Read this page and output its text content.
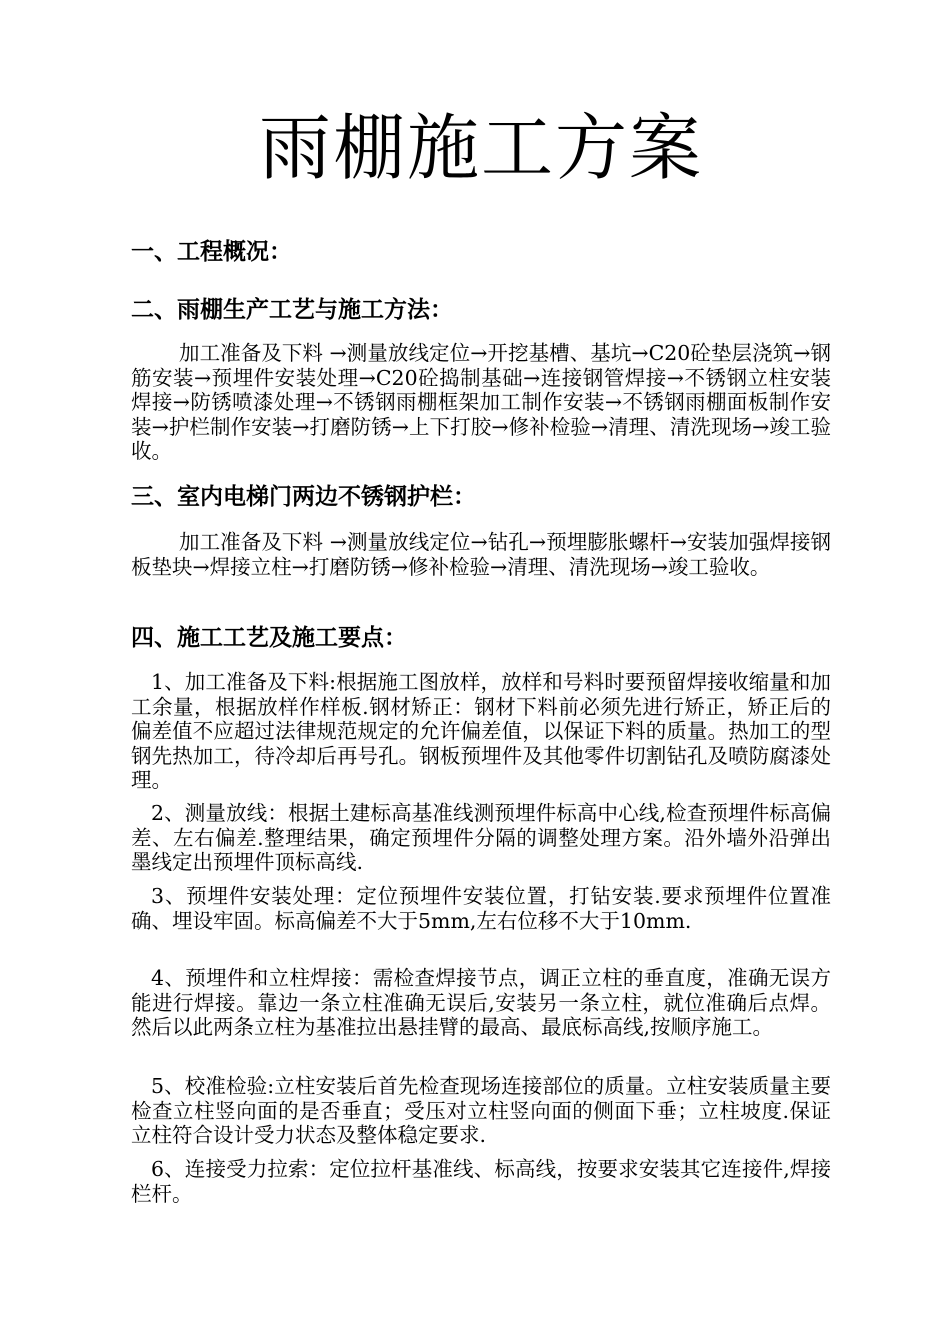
雨棚施工方案
一、工程概况：
二、雨棚生产工艺与施工方法：

加工准备及下料 →测量放线定位→开挖基槽、基坑→C20砼垫层浇筑→钢筋安装→预埋件安装处理→C20砼捣制基础→连接钢管焊接→不锈钢立柱安装焊接→防锈喷漆处理→不锈钢雨棚框架加工制作安装→不锈钢雨棚面板制作安装→护栏制作安装→打磨防锈→上下打胶→修补检验→清理、清洗现场→竣工验收。

三、室内电梯门两边不锈钢护栏：

加工准备及下料 →测量放线定位→钻孔→预埋膨胀螺杆→安装加强焊接钢板垫块→焊接立柱→打磨防锈→修补检验→清理、清洗现场→竣工验收。

四、施工工艺及施工要点：

1、加工准备及下料:根据施工图放样，放样和号料时要预留焊接收缩量和加工余量，根据放样作样板.钢材矫正：钢材下料前必须先进行矫正，矫正后的偏差值不应超过法律规范规定的允许偏差值，以保证下料的质量。热加工的型钢先热加工，待冷却后再号孔。钢板预埋件及其他零件切割钻孔及喷防腐漆处理。

2、测量放线：根据土建标高基准线测预埋件标高中心线,检查预埋件标高偏差、左右偏差.整理结果，确定预埋件分隔的调整处理方案。沿外墙外沿弹出墨线定出预埋件顶标高线.

3、预埋件安装处理：定位预埋件安装位置，打钻安装.要求预埋件位置准确、埋设牢固。标高偏差不大于5mm,左右位移不大于10mm.

4、预埋件和立柱焊接：需检查焊接节点，调正立柱的垂直度，准确无误方能进行焊接。靠边一条立柱准确无误后,安装另一条立柱，就位准确后点焊。然后以此两条立柱为基准拉出悬挂臂的最高、最底标高线,按顺序施工。

5、校准检验:立柱安装后首先检查现场连接部位的质量。立柱安装质量主要检查立柱竖向面的是否垂直；受压对立柱竖向面的侧面下垂；立柱坡度.保证立柱符合设计受力状态及整体稳定要求.

6、连接受力拉索：定位拉杆基准线、标高线，按要求安装其它连接件,焊接栏杆。
